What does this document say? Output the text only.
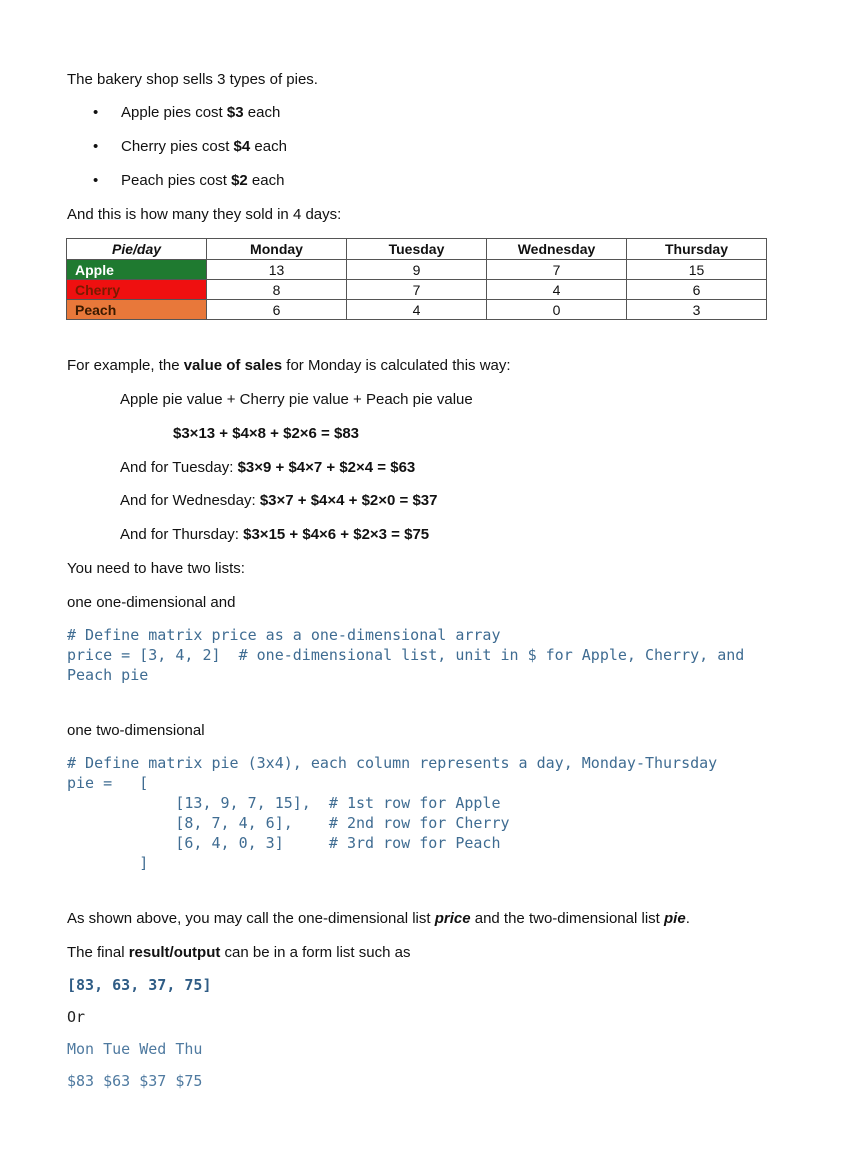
The bakery shop sells 3 types of pies.
• Apple pies cost $3 each
• Cherry pies cost $4 each
• Peach pies cost $2 each
And this is how many they sold in 4 days:
Pie/day	Monday	Tuesday	Wednesday	Thursday
Apple	13	9	7	15
Cherry	8	7	4	6
Peach	6	4	0	3
For example, the value of sales for Monday is calculated this way:
Apple pie value + Cherry pie value + Peach pie value
$3×13 + $4×8 + $2×6 = $83
And for Tuesday: $3×9 + $4×7 + $2×4 = $63
And for Wednesday: $3×7 + $4×4 + $2×0 = $37
And for Thursday: $3×15 + $4×6 + $2×3 = $75
You need to have two lists:
one one-dimensional and
# Define matrix price as a one-dimensional array
price = [3, 4, 2]  # one-dimensional list, unit in $ for Apple, Cherry, and
Peach pie
one two-dimensional
# Define matrix pie (3x4), each column represents a day, Monday-Thursday
pie =   [
[13, 9, 7, 15],  # 1st row for Apple
[8, 7, 4, 6],    # 2nd row for Cherry
[6, 4, 0, 3]     # 3rd row for Peach
]
As shown above, you may call the one-dimensional list price and the two-dimensional list pie.
The final result/output can be in a form list such as
[83, 63, 37, 75]
Or
Mon Tue Wed Thu
$83 $63 $37 $75
